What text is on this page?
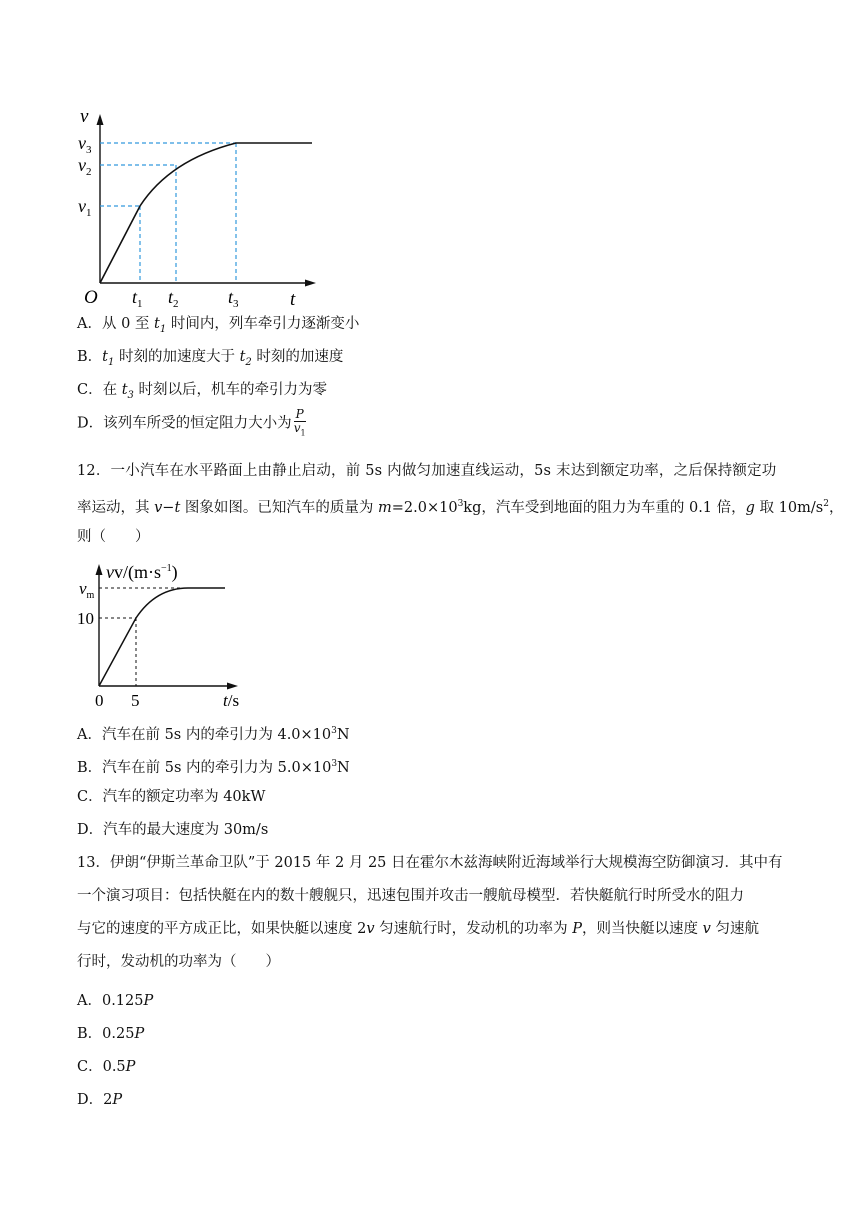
v
t
O
$v_1$
$v_2$
$v_3$
$t_1$ $t_2$	$t_3$
A．从 0 至 $t_1$ 时间内，列车牵引力逐渐变小
B．$t_1$ 时刻的加速度大于 $t_2$ 时刻的加速度
C．在 $t_3$ 时刻以后，机车的牵引力为零
D．该列车所受的恒定阻力大小为 $\frac{P}{v_1}$
12．一小汽车在水平路面上由静止启动，前 5s 内做匀加速直线运动，5s 末达到额定功率，之后保持额定功
率运动，其 v−t 图象如图。已知汽车的质量为 $m=2.0\times 10^3kg$，汽车受到地面的阻力为车重的 0.1 倍，g 取 $10m/s^2$，
则（　　）
$vv/(m\cdot s^{-1})$
$v_m$
10
5
0	t/s
A．汽车在前 5s 内的牵引力为 $4.0\times 10^3N$
B．汽车在前 5s 内的牵引力为 $5.0\times 10^3N$
C．汽车的额定功率为 40kW
D．汽车的最大速度为 30m/s
13．伊朗“伊斯兰革命卫队”于 2015 年 2 月 25 日在霍尔木兹海峡附近海域举行大规模海空防御演习．其中有
一个演习项目：包括快艇在内的数十艘舰只，迅速包围并攻击一艘航母模型．若快艇航行时所受水的阻力
与它的速度的平方成正比，如果快艇以速度 2v 匀速航行时，发动机的功率为 P，则当快艇以速度 v 匀速航
行时，发动机的功率为（　　）
A．0.125P
B．0.25P
C．0.5P
D．2P
